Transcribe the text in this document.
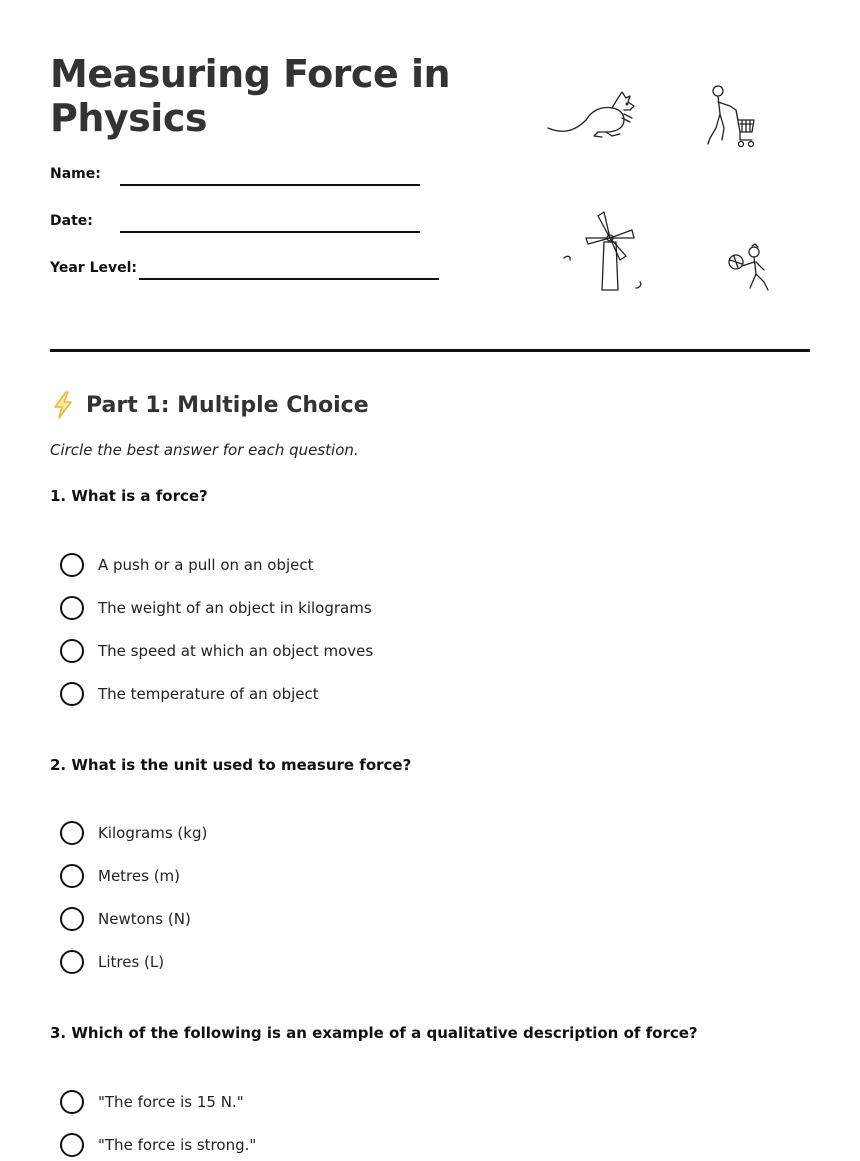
Measuring Force in Physics
Name:
Date:
Year Level:
Part 1: Multiple Choice
Circle the best answer for each question.
1. What is a force?
A push or a pull on an object
The weight of an object in kilograms
The speed at which an object moves
The temperature of an object
2. What is the unit used to measure force?
Kilograms (kg)
Metres (m)
Newtons (N)
Litres (L)
3. Which of the following is an example of a qualitative description of force?
"The force is 15 N."
"The force is strong."
